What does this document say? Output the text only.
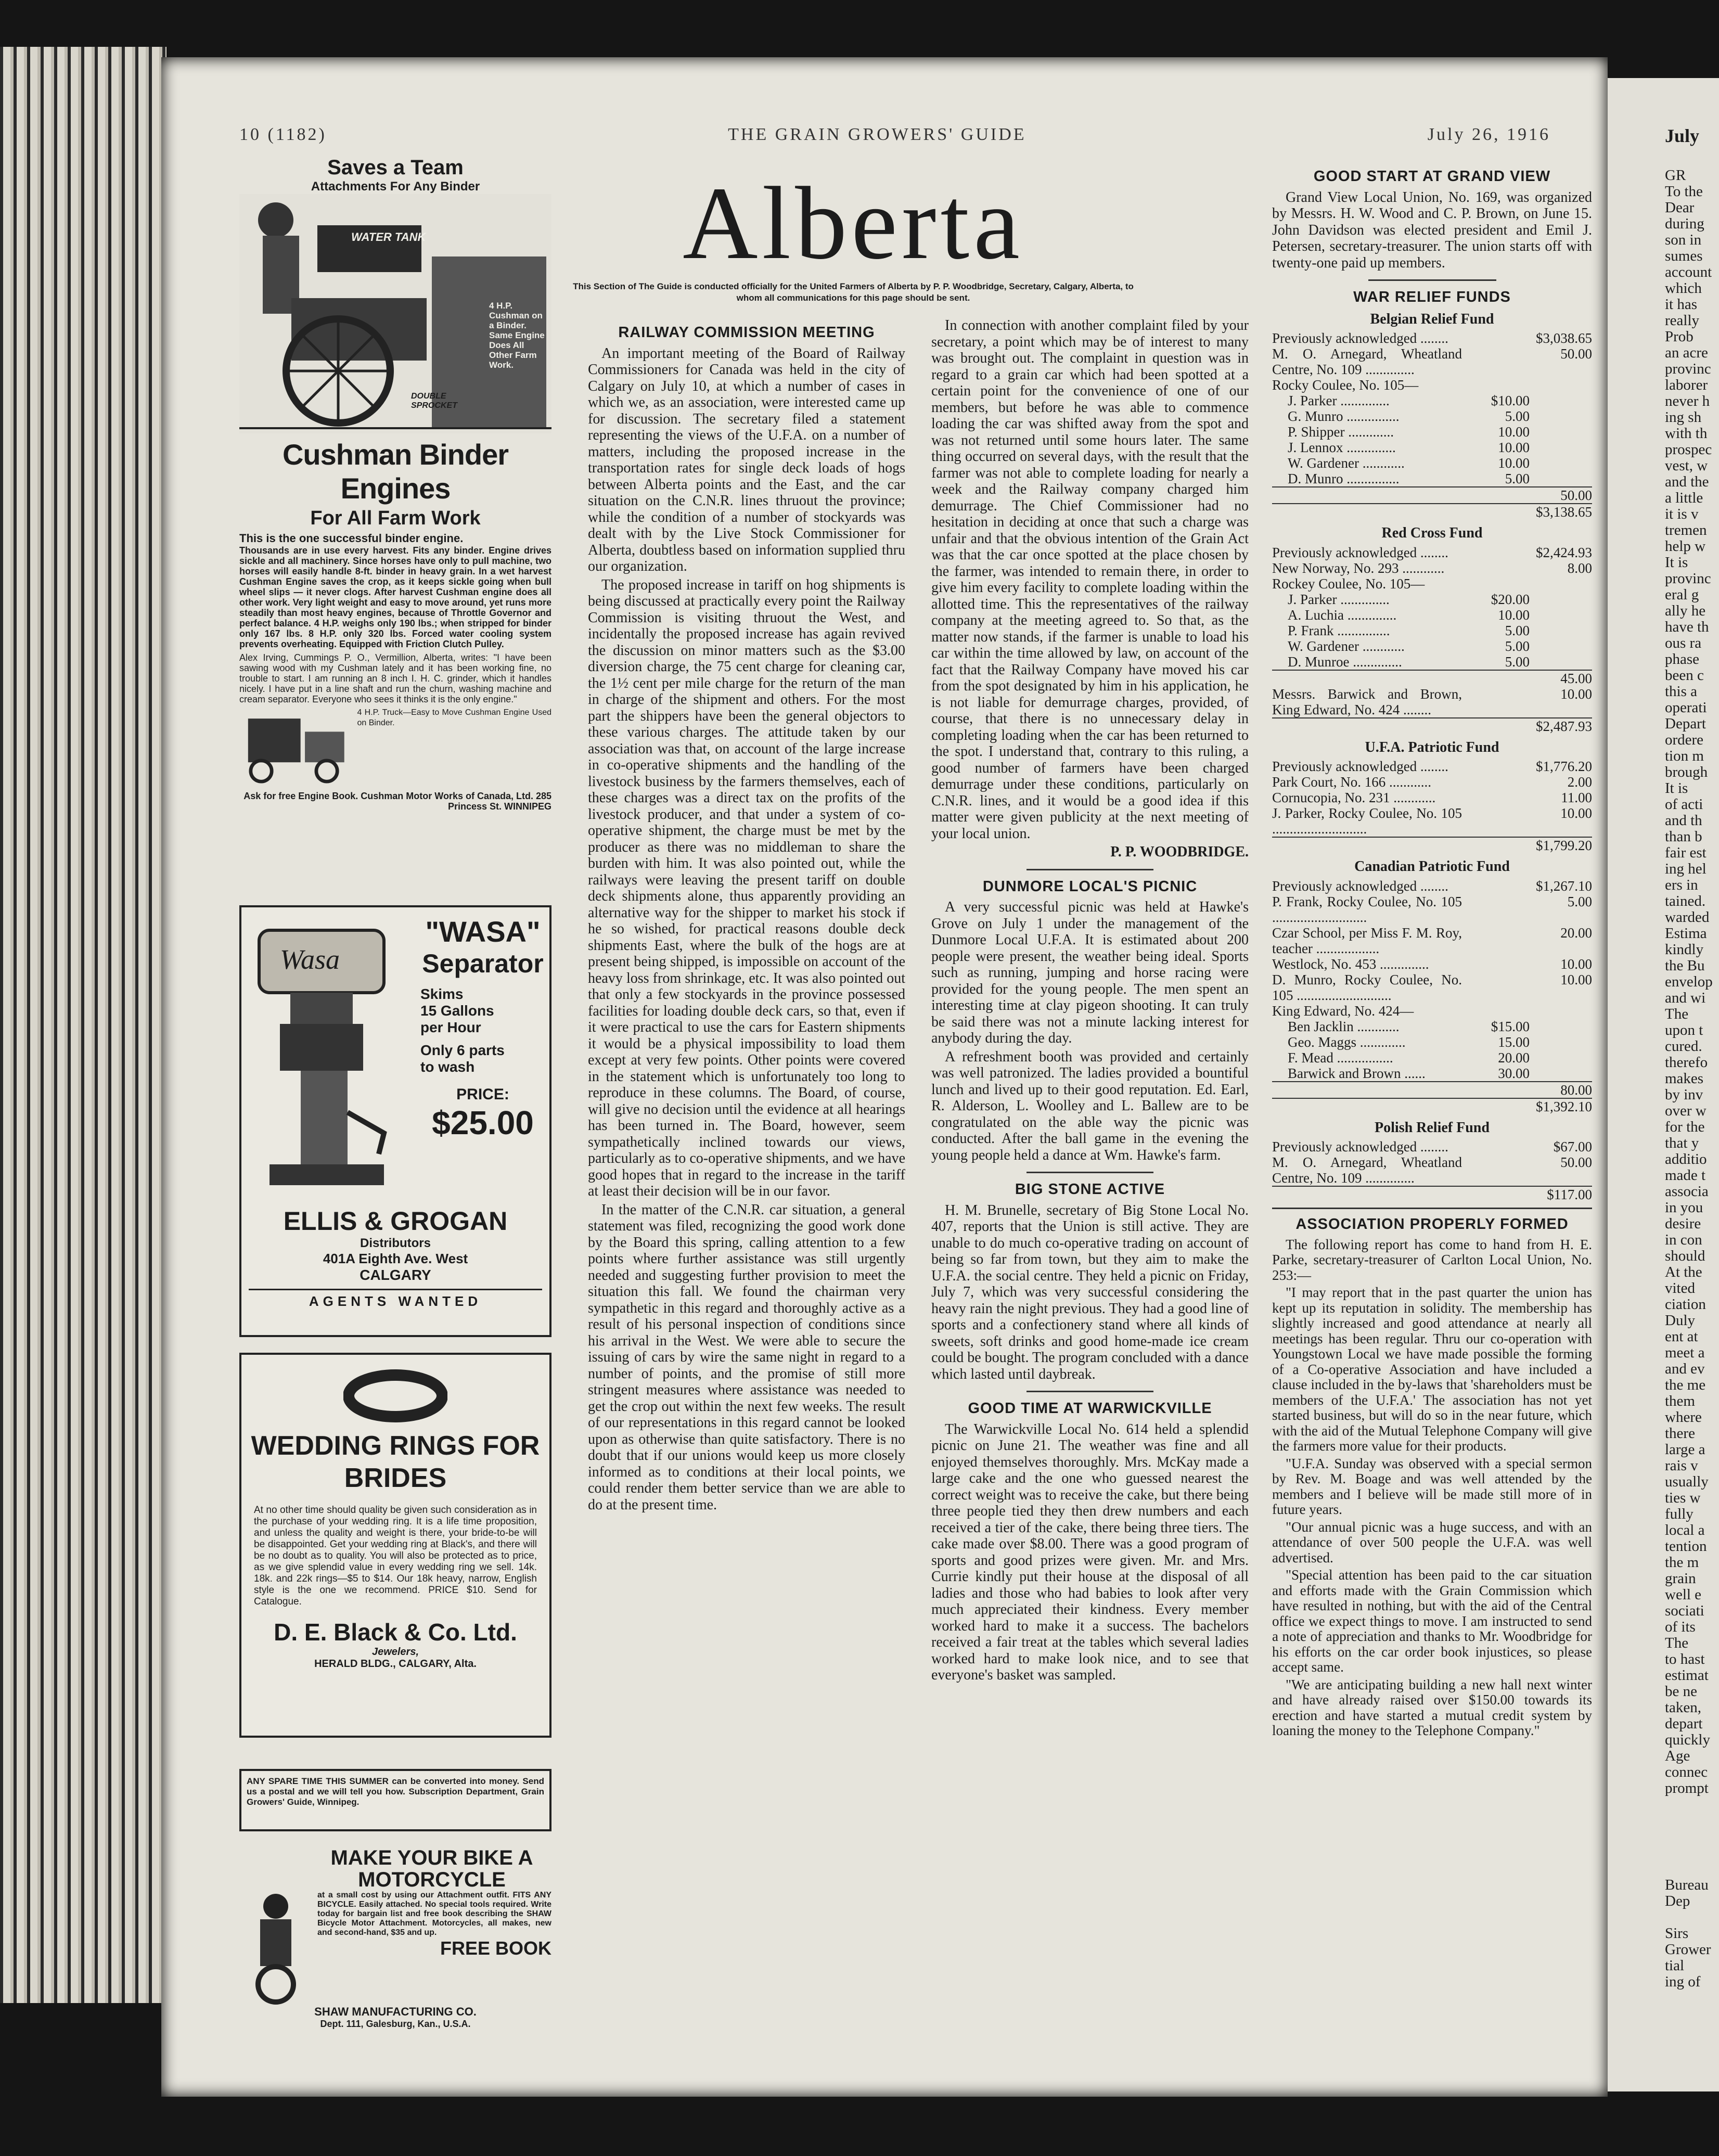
10 (1182)	THE GRAIN GROWERS' GUIDE	July 26, 1916	July
GR
To the
Dear
during
son in
sumes
account
which
it has
really
Prob
an acre
provinc
laborer
never h
ing sh
with th
prospec
vest, w
and the
a little
it is v
tremen
help w
It is
provinc
eral g
ally he
have th
ous ra
phase
been c
this a
operati
Depart
ordere
tion m
brough
It is
of acti
and th
than b
fair est
ing hel
ers in
tained.
warded
Estima
kindly
the Bu
envelop
and wi
The
upon t
cured.
therefo
makes
by inv
over w
for the
that y
additio
made t
associa
in you
desire
in con
should
At the
vited
ciation
Duly
ent at
meet a
and ev
the me
them
where
there
large a
rais v
usually
ties w
fully
local a
tention
the m
grain
well e
sociati
of its
The
to hast
estimat
be ne
taken,
depart
quickly
Age
connec
prompt

Bureau
Dep

Sirs
Grower
tial
ing of
Saves a Team
Attachments For Any Binder
WATER TANK
4 H.P. Cushman on a Binder. Same Engine Does All Other Farm Work.
DOUBLE SPROCKET
Cushman Binder Engines
For All Farm Work
This is the one successful binder engine.
Thousands are in use every harvest. Fits any binder. Engine drives sickle and all machinery. Since horses have only to pull machine, two horses will easily handle 8-ft. binder in heavy grain. In a wet harvest Cushman Engine saves the crop, as it keeps sickle going when bull wheel slips — it never clogs. After harvest Cushman engine does all other work. Very light weight and easy to move around, yet runs more steadily than most heavy engines, because of Throttle Governor and perfect balance. 4 H.P. weighs only 190 lbs.; when stripped for binder only 167 lbs. 8 H.P. only 320 lbs. Forced water cooling system prevents overheating. Equipped with Friction Clutch Pulley.
Alex Irving, Cummings P. O., Vermillion, Alberta, writes: "I have been sawing wood with my Cushman lately and it has been working fine, no trouble to start. I am running an 8 inch I. H. C. grinder, which it handles nicely. I have put in a line shaft and run the churn, washing machine and cream separator. Everyone who sees it thinks it is the only engine."
4 H.P. Truck—Easy to Move Cushman Engine Used on Binder.
Ask for free Engine Book. Cushman Motor Works of Canada, Ltd. 285 Princess St. WINNIPEG
Wasa
"WASA"
Separator
Skims
15 Gallons
per Hour
Only 6 parts
to wash
PRICE:
$25.00
ELLIS & GROGAN
Distributors
401A Eighth Ave. West
CALGARY
AGENTS WANTED
WEDDING RINGS FOR BRIDES
At no other time should quality be given such consideration as in the purchase of your wedding ring. It is a life time proposition, and unless the quality and weight is there, your bride-to-be will be disappointed. Get your wedding ring at Black's, and there will be no doubt as to quality. You will also be protected as to price, as we give splendid value in every wedding ring we sell. 14k. 18k. and 22k rings—$5 to $14. Our 18k heavy, narrow, English style is the one we recommend. PRICE $10. Send for Catalogue.
D. E. Black & Co. Ltd.
Jewelers,
HERALD BLDG., CALGARY, Alta.
ANY SPARE TIME THIS SUMMER can be converted into money. Send us a postal and we will tell you how. Subscription Department, Grain Growers' Guide, Winnipeg.
MAKE YOUR BIKE A MOTORCYCLE
at a small cost by using our Attachment outfit. FITS ANY BICYCLE. Easily attached. No special tools required. Write today for bargain list and free book describing the SHAW Bicycle Motor Attachment. Motorcycles, all makes, new and second-hand, $35 and up.
FREE BOOK
SHAW MANUFACTURING CO.
Dept. 111, Galesburg, Kan., U.S.A.
Alberta
This Section of The Guide is conducted officially for the United Farmers of Alberta by P. P. Woodbridge, Secretary, Calgary, Alberta, to whom all communications for this page should be sent.
RAILWAY COMMISSION MEETING

An important meeting of the Board of Railway Commissioners for Canada was held in the city of Calgary on July 10, at which a number of cases in which we, as an association, were interested came up for discussion. The secretary filed a statement representing the views of the U.F.A. on a number of matters, including the proposed increase in the transportation rates for single deck loads of hogs between Alberta points and the East, and the car situation on the C.N.R. lines thruout the province; while the condition of a number of stockyards was dealt with by the Live Stock Commissioner for Alberta, doubtless based on information supplied thru our organization.

The proposed increase in tariff on hog shipments is being discussed at practically every point the Railway Commission is visiting thruout the West, and incidentally the proposed increase has again revived the discussion on minor matters such as the $3.00 diversion charge, the 75 cent charge for cleaning car, the 1½ cent per mile charge for the return of the man in charge of the shipment and others. For the most part the shippers have been the general objectors to these various charges. The attitude taken by our association was that, on account of the large increase in co-operative shipments and the handling of the livestock business by the farmers themselves, each of these charges was a direct tax on the profits of the livestock producer, and that under a system of co-operative shipment, the charge must be met by the producer as there was no middleman to share the burden with him. It was also pointed out, while the railways were leaving the present tariff on double deck shipments alone, thus apparently providing an alternative way for the shipper to market his stock if he so wished, for practical reasons double deck shipments East, where the bulk of the hogs are at present being shipped, is impossible on account of the heavy loss from shrinkage, etc. It was also pointed out that only a few stockyards in the province possessed facilities for loading double deck cars, so that, even if it were practical to use the cars for Eastern shipments it would be a physical impossibility to load them except at very few points. Other points were covered in the statement which is unfortunately too long to reproduce in these columns. The Board, of course, will give no decision until the evidence at all hearings has been turned in. The Board, however, seem sympathetically inclined towards our views, particularly as to co-operative shipments, and we have good hopes that in regard to the increase in the tariff at least their decision will be in our favor.

In the matter of the C.N.R. car situation, a general statement was filed, recognizing the good work done by the Board this spring, calling attention to a few points where further assistance was still urgently needed and suggesting further provision to meet the situation this fall. We found the chairman very sympathetic in this regard and thoroughly active as a result of his personal inspection of conditions since his arrival in the West. We were able to secure the issuing of cars by wire the same night in regard to a number of points, and the promise of still more stringent measures where assistance was needed to get the crop out within the next few weeks. The result of our representations in this regard cannot be looked upon as otherwise than quite satisfactory. There is no doubt that if our unions would keep us more closely informed as to conditions at their local points, we could render them better service than we are able to do at the present time.

In connection with another complaint filed by your secretary, a point which may be of interest to many was brought out. The complaint in question was in regard to a grain car which had been spotted at a certain point for the convenience of one of our members, but before he was able to commence loading the car was shifted away from the spot and was not returned until some hours later. The same thing occurred on several days, with the result that the farmer was not able to complete loading for nearly a week and the Railway company charged him demurrage. The Chief Commissioner had no hesitation in deciding at once that such a charge was unfair and that the obvious intention of the Grain Act was that the car once spotted at the place chosen by the farmer, was intended to remain there, in order to give him every facility to complete loading within the allotted time. This the representatives of the railway company at the meeting agreed to. So that, as the matter now stands, if the farmer is unable to load his car within the time allowed by law, on account of the fact that the Railway Company have moved his car from the spot designated by him in his application, he is not liable for demurrage charges, provided, of course, that there is no unnecessary delay in completing loading when the car has been returned to the spot. I understand that, contrary to this ruling, a good number of farmers have been charged demurrage under these conditions, particularly on C.N.R. lines, and it would be a good idea if this matter were given publicity at the next meeting of your local union.

P. P. WOODBRIDGE.
DUNMORE LOCAL'S PICNIC

A very successful picnic was held at Hawke's Grove on July 1 under the management of the Dunmore Local U.F.A. It is estimated about 200 people were present, the weather being ideal. Sports such as running, jumping and horse racing were provided for the young people. The men spent an interesting time at clay pigeon shooting. It can truly be said there was not a minute lacking interest for anybody during the day.

A refreshment booth was provided and certainly was well patronized. The ladies provided a bountiful lunch and lived up to their good reputation. Ed. Earl, R. Alderson, L. Woolley and L. Ballew are to be congratulated on the able way the picnic was conducted. After the ball game in the evening the young people held a dance at Wm. Hawke's farm.

BIG STONE ACTIVE

H. M. Brunelle, secretary of Big Stone Local No. 407, reports that the Union is still active. They are unable to do much co-operative trading on account of being so far from town, but they aim to make the U.F.A. the social centre. They held a picnic on Friday, July 7, which was very successful considering the heavy rain the night previous. They had a good line of sports and a confectionery stand where all kinds of sweets, soft drinks and good home-made ice cream could be bought. The program concluded with a dance which lasted until daybreak.

GOOD TIME AT WARWICKVILLE

The Warwickville Local No. 614 held a splendid picnic on June 21. The weather was fine and all enjoyed themselves thoroughly. Mrs. McKay made a large cake and the one who guessed nearest the correct weight was to receive the cake, but there being three people tied they then drew numbers and each received a tier of the cake, there being three tiers. The cake made over $8.00. There was a good program of sports and good prizes were given. Mr. and Mrs. Currie kindly put their house at the disposal of all ladies and those who had babies to look after very much appreciated their kindness. Every member worked hard to make it a success. The bachelors received a fair treat at the tables which several ladies worked hard to make look nice, and to see that everyone's basket was sampled.

GOOD START AT GRAND VIEW

Grand View Local Union, No. 169, was organized by Messrs. H. W. Wood and C. P. Brown, on June 15. John Davidson was elected president and Emil J. Petersen, secretary-treasurer. The union starts off with twenty-one paid up members.

WAR RELIEF FUNDS
Belgian Relief Fund
Previously acknowledged ........		$3,038.65
M. O. Arnegard, Wheatland Centre, No. 109 ..............		50.00
Rocky Coulee, No. 105—		
J. Parker ..............	$10.00	
G. Munro ...............	5.00	
P. Shipper .............	10.00	
J. Lennox ..............	10.00	
W. Gardener ............	10.00	
D. Munro ...............	5.00	
		50.00
		$3,138.65
Red Cross Fund
Previously acknowledged ........		$2,424.93
New Norway, No. 293 ............		8.00
Rockey Coulee, No. 105—		
J. Parker ..............	$20.00	
A. Luchia ..............	10.00	
P. Frank ...............	5.00	
W. Gardener ............	5.00	
D. Munroe ..............	5.00	
		45.00
Messrs. Barwick and Brown, King Edward, No. 424 ........		10.00
		$2,487.93
U.F.A. Patriotic Fund
Previously acknowledged ........		$1,776.20
Park Court, No. 166 ............		2.00
Cornucopia, No. 231 ............		11.00
J. Parker, Rocky Coulee, No. 105 ...........................		10.00
		$1,799.20
Canadian Patriotic Fund
Previously acknowledged ........		$1,267.10
P. Frank, Rocky Coulee, No. 105 ...........................		5.00
Czar School, per Miss F. M. Roy, teacher ..................		20.00
Westlock, No. 453 ..............		10.00
D. Munro, Rocky Coulee, No. 105 ...........................		10.00
King Edward, No. 424—		
Ben Jacklin ............	$15.00	
Geo. Maggs .............	15.00	
F. Mead ................	20.00	
Barwick and Brown ......	30.00	
		80.00
		$1,392.10
Polish Relief Fund
Previously acknowledged ........		$67.00
M. O. Arnegard, Wheatland Centre, No. 109 ..............		50.00
		$117.00
ASSOCIATION PROPERLY FORMED

The following report has come to hand from H. E. Parke, secretary-treasurer of Carlton Local Union, No. 253:—

"I may report that in the past quarter the union has kept up its reputation in solidity. The membership has slightly increased and good attendance at nearly all meetings has been regular. Thru our co-operation with Youngstown Local we have made possible the forming of a Co-operative Association and have included a clause included in the by-laws that 'shareholders must be members of the U.F.A.' The association has not yet started business, but will do so in the near future, which with the aid of the Mutual Telephone Company will give the farmers more value for their products.

"U.F.A. Sunday was observed with a special sermon by Rev. M. Boage and was well attended by the members and I believe will be made still more of in future years.

"Our annual picnic was a huge success, and with an attendance of over 500 people the U.F.A. was well advertised.

"Special attention has been paid to the car situation and efforts made with the Grain Commission which have resulted in nothing, but with the aid of the Central office we expect things to move. I am instructed to send a note of appreciation and thanks to Mr. Woodbridge for his efforts on the car order book injustices, so please accept same.

"We are anticipating building a new hall next winter and have already raised over $150.00 towards its erection and have started a mutual credit system by loaning the money to the Telephone Company."
